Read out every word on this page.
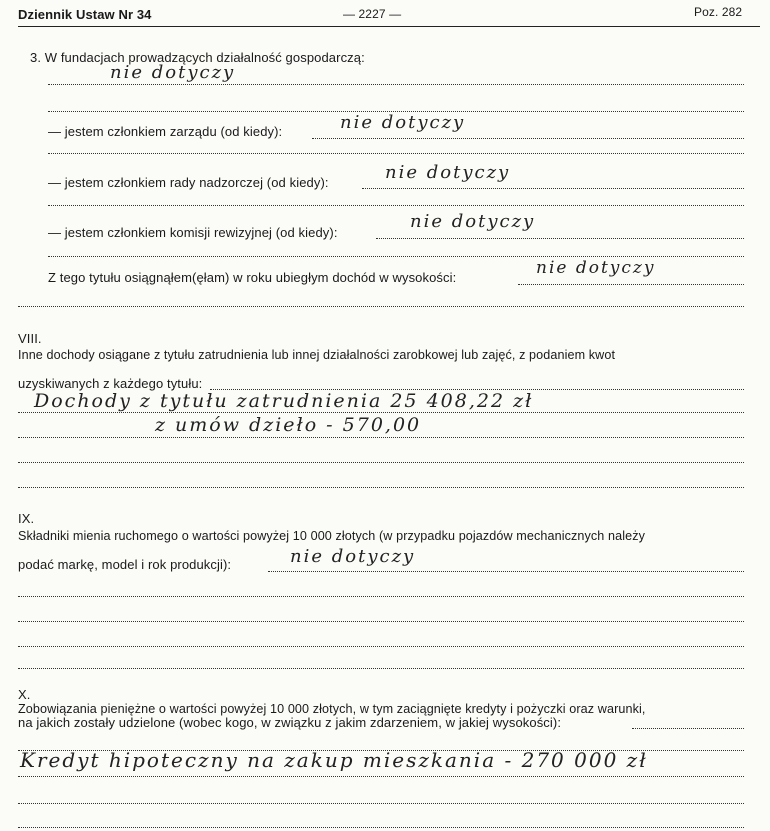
Dziennik Ustaw Nr 34	— 2227 —	Poz. 282
3. W fundacjach prowadzących działalność gospodarczą:
nie dotyczy
— jestem członkiem zarządu (od kiedy):	nie dotyczy
— jestem członkiem rady nadzorczej (od kiedy):	nie dotyczy
— jestem członkiem komisji rewizyjnej (od kiedy):
nie dotyczy
Z tego tytułu osiągnąłem(ęłam) w roku ubiegłym dochód w wysokości:	nie dotyczy
VIII.
Inne dochody osiągane z tytułu zatrudnienia lub innej działalności zarobkowej lub zajęć, z podaniem kwot
uzyskiwanych z każdego tytułu:
Dochody z tytułu zatrudnienia 25 408,22 zł
z umów dzieło - 570,00
IX.
Składniki mienia ruchomego o wartości powyżej 10 000 złotych (w przypadku pojazdów mechanicznych należy
podać markę, model i rok produkcji):	nie dotyczy
X.
Zobowiązania pieniężne o wartości powyżej 10 000 złotych, w tym zaciągnięte kredyty i pożyczki oraz warunki,
na jakich zostały udzielone (wobec kogo, w związku z jakim zdarzeniem, w jakiej wysokości):
Kredyt hipoteczny na zakup mieszkania - 270 000 zł
